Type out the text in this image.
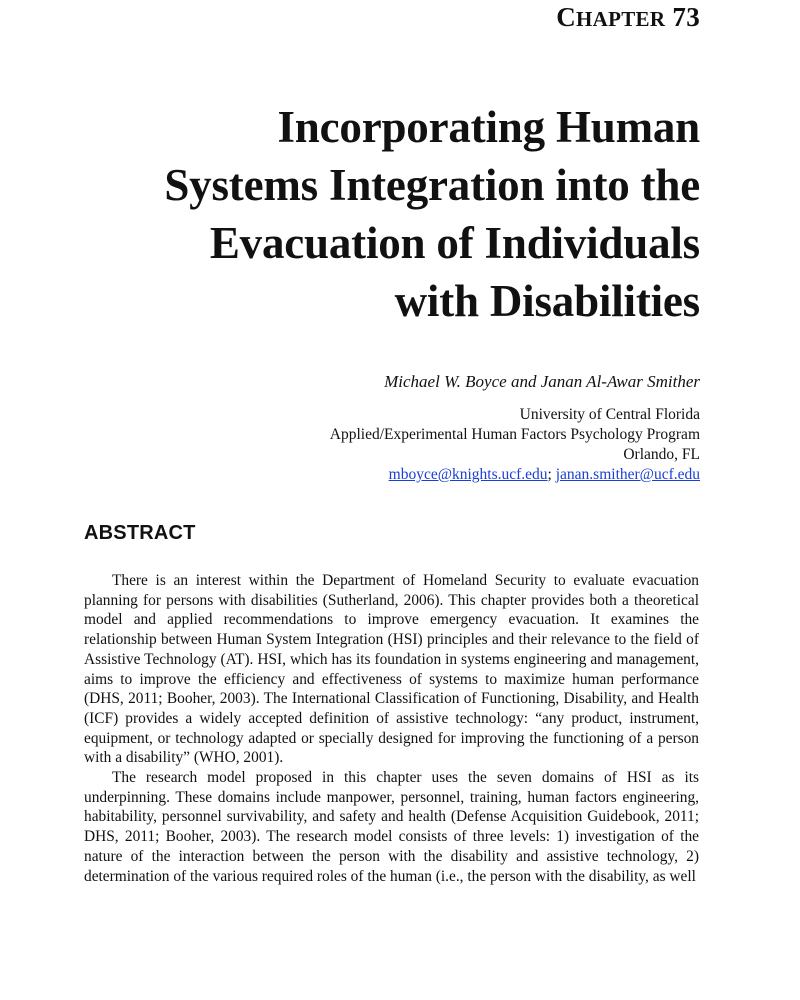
CHAPTER 73
Incorporating Human
Systems Integration into the
Evacuation of Individuals
with Disabilities
Michael W. Boyce and Janan Al-Awar Smither
University of Central Florida
Applied/Experimental Human Factors Psychology Program
Orlando, FL
mboyce@knights.ucf.edu; janan.smither@ucf.edu
ABSTRACT

There is an interest within the Department of Homeland Security to evaluate evacuation planning for persons with disabilities (Sutherland, 2006). This chapter provides both a theoretical model and applied recommendations to improve emergency evacuation. It examines the relationship between Human System Integration (HSI) principles and their relevance to the field of Assistive Technology (AT). HSI, which has its foundation in systems engineering and management, aims to improve the efficiency and effectiveness of systems to maximize human performance (DHS, 2011; Booher, 2003). The International Classification of Functioning, Disability, and Health (ICF) provides a widely accepted definition of assistive technology: “any product, instrument, equipment, or technology adapted or specially designed for improving the functioning of a person with a disability” (WHO, 2001).

The research model proposed in this chapter uses the seven domains of HSI as its underpinning. These domains include manpower, personnel, training, human factors engineering, habitability, personnel survivability, and safety and health (Defense Acquisition Guidebook, 2011; DHS, 2011; Booher, 2003). The research model consists of three levels: 1) investigation of the nature of the interaction between the person with the disability and assistive technology, 2) determination of the various required roles of the human (i.e., the person with the disability, as well
